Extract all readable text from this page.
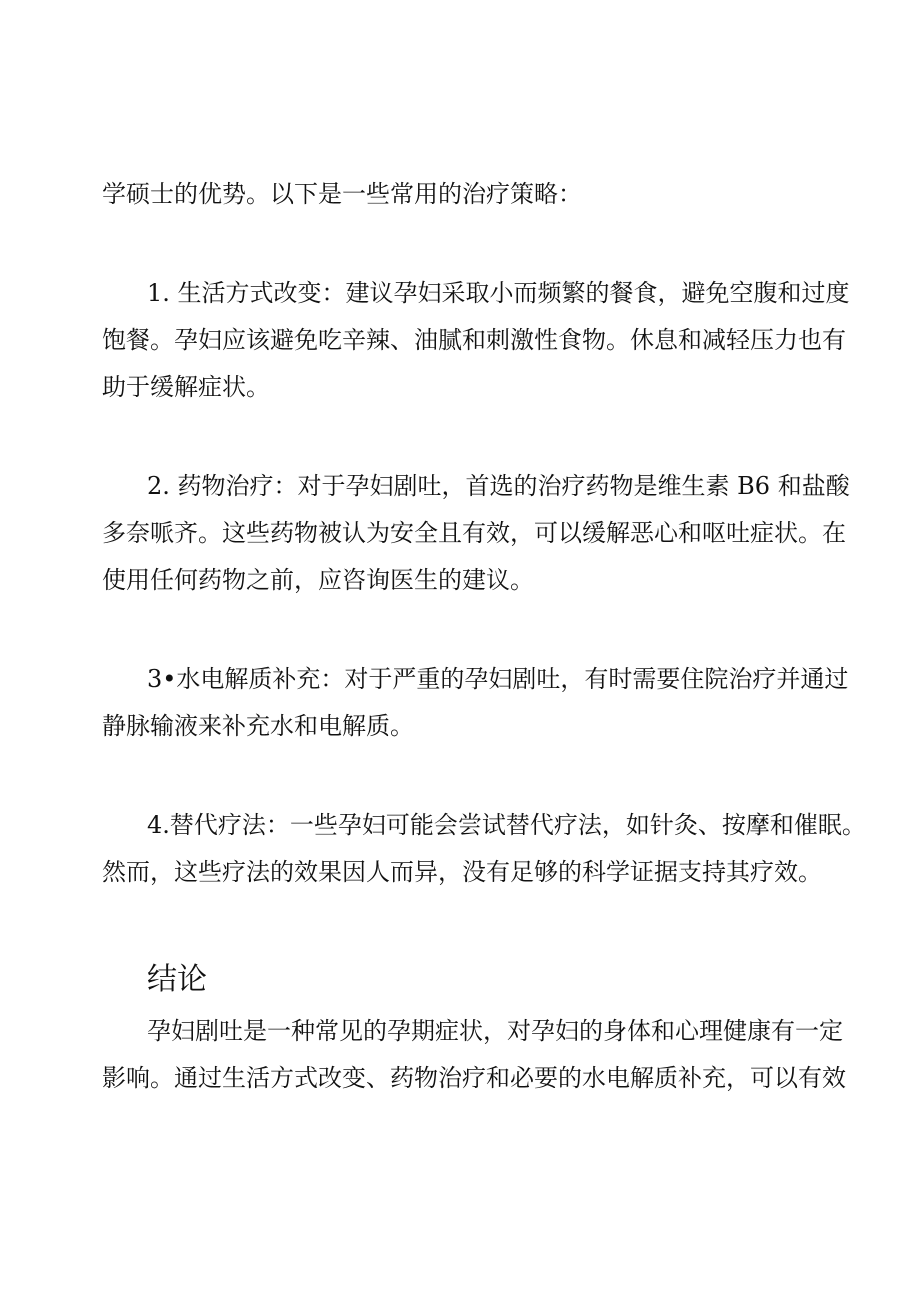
学硕士的优势。以下是一些常用的治疗策略：

1. 生活方式改变：建议孕妇采取小而频繁的餐食，避免空腹和过度

饱餐。孕妇应该避免吃辛辣、油腻和刺激性食物。休息和减轻压力也有

助于缓解症状。

2. 药物治疗：对于孕妇剧吐，首选的治疗药物是维生素 B6 和盐酸

多奈哌齐。这些药物被认为安全且有效，可以缓解恶心和呕吐症状。在

使用任何药物之前，应咨询医生的建议。

3•水电解质补充：对于严重的孕妇剧吐，有时需要住院治疗并通过

静脉输液来补充水和电解质。

4.替代疗法：一些孕妇可能会尝试替代疗法，如针灸、按摩和催眠。

然而，这些疗法的效果因人而异，没有足够的科学证据支持其疗效。

结论

孕妇剧吐是一种常见的孕期症状，对孕妇的身体和心理健康有一定

影响。通过生活方式改变、药物治疗和必要的水电解质补充，可以有效
